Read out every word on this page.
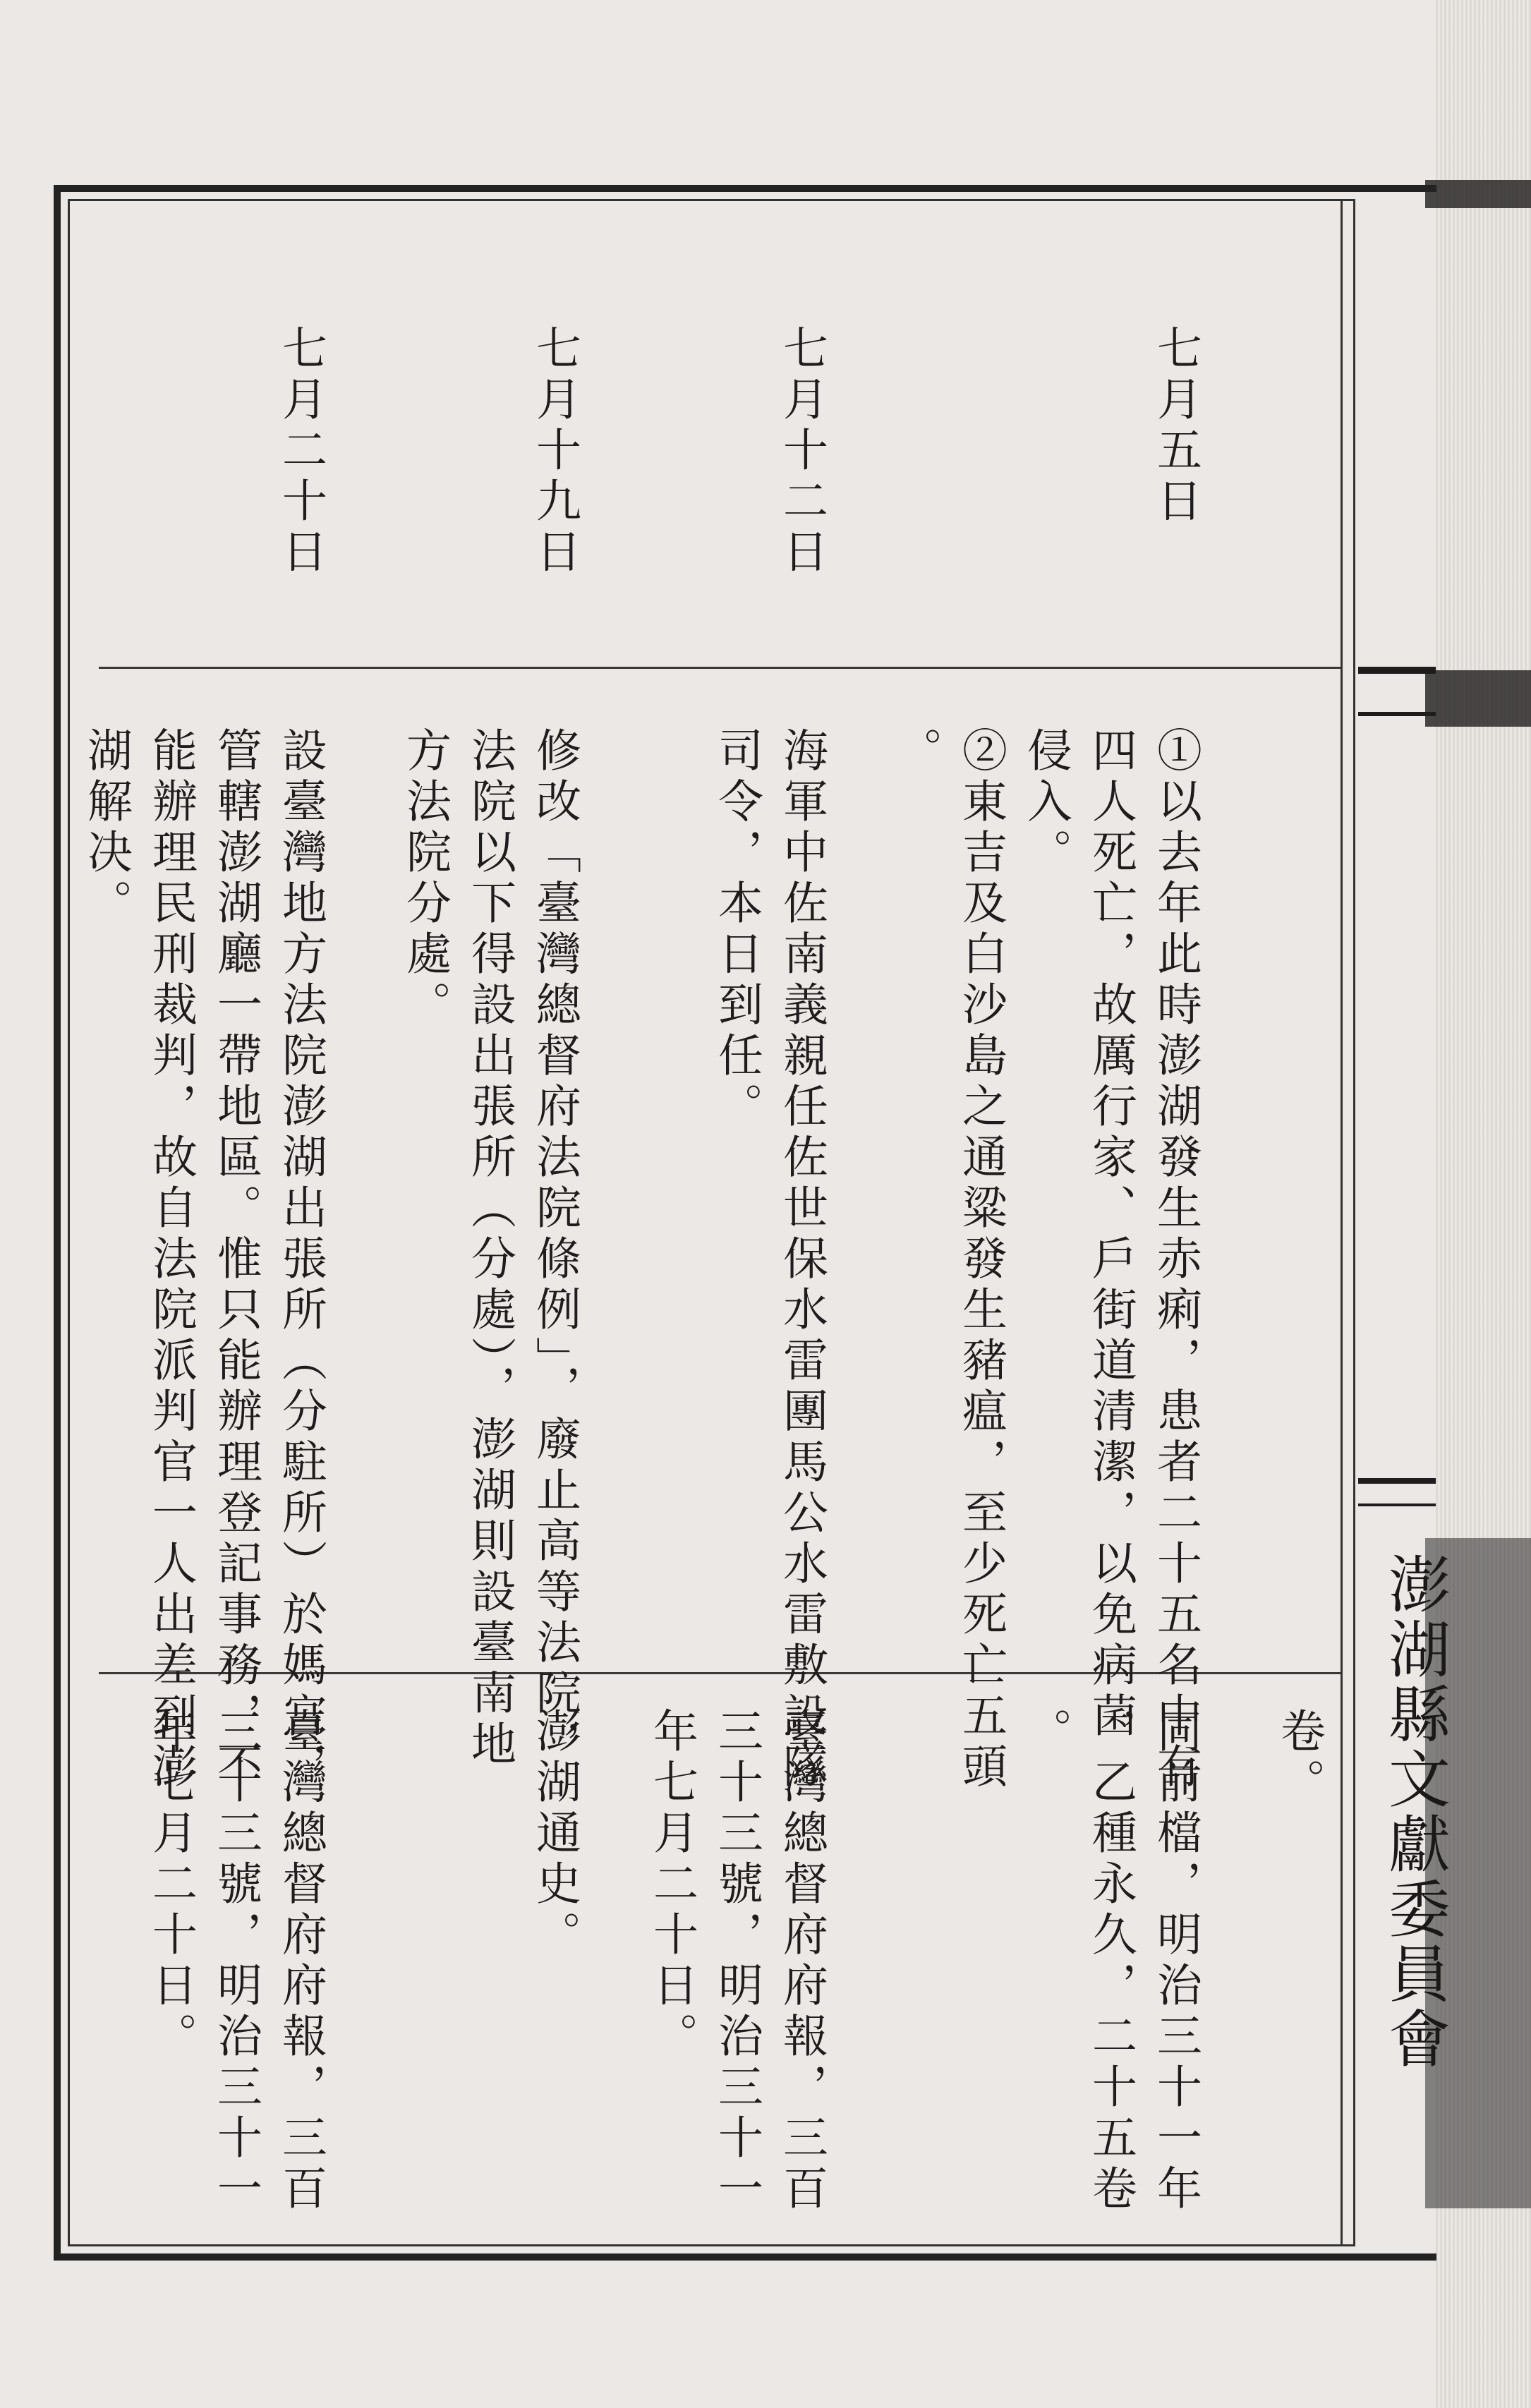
澎湖縣文獻委員會
七月五日
①以去年此時澎湖發生赤痢，患者二十五名中有
四人死亡，故厲行家、戶街道清潔，以免病菌
侵入。
②東吉及白沙島之通粱發生豬瘟，至少死亡五頭
。
卷。
同前檔，明治三十一年
，乙種永久，二十五卷
。
七月十二日
海軍中佐南義親任佐世保水雷團馬公水雷敷設隊
司令，本日到任。
臺灣總督府府報，三百
三十三號，明治三十一
年七月二十日。
七月十九日
修改「臺灣總督府法院條例」，廢止高等法院，
法院以下得設出張所（分處），澎湖則設臺南地
方法院分處。
澎湖通史。
七月二十日
設臺灣地方法院澎湖出張所（分駐所）於媽宮，
管轄澎湖廳一帶地區。惟只能辦理登記事務，不
能辦理民刑裁判，故自法院派判官一人出差到澎
湖解决。
臺灣總督府府報，三百
三十三號，明治三十一
年七月二十日。
